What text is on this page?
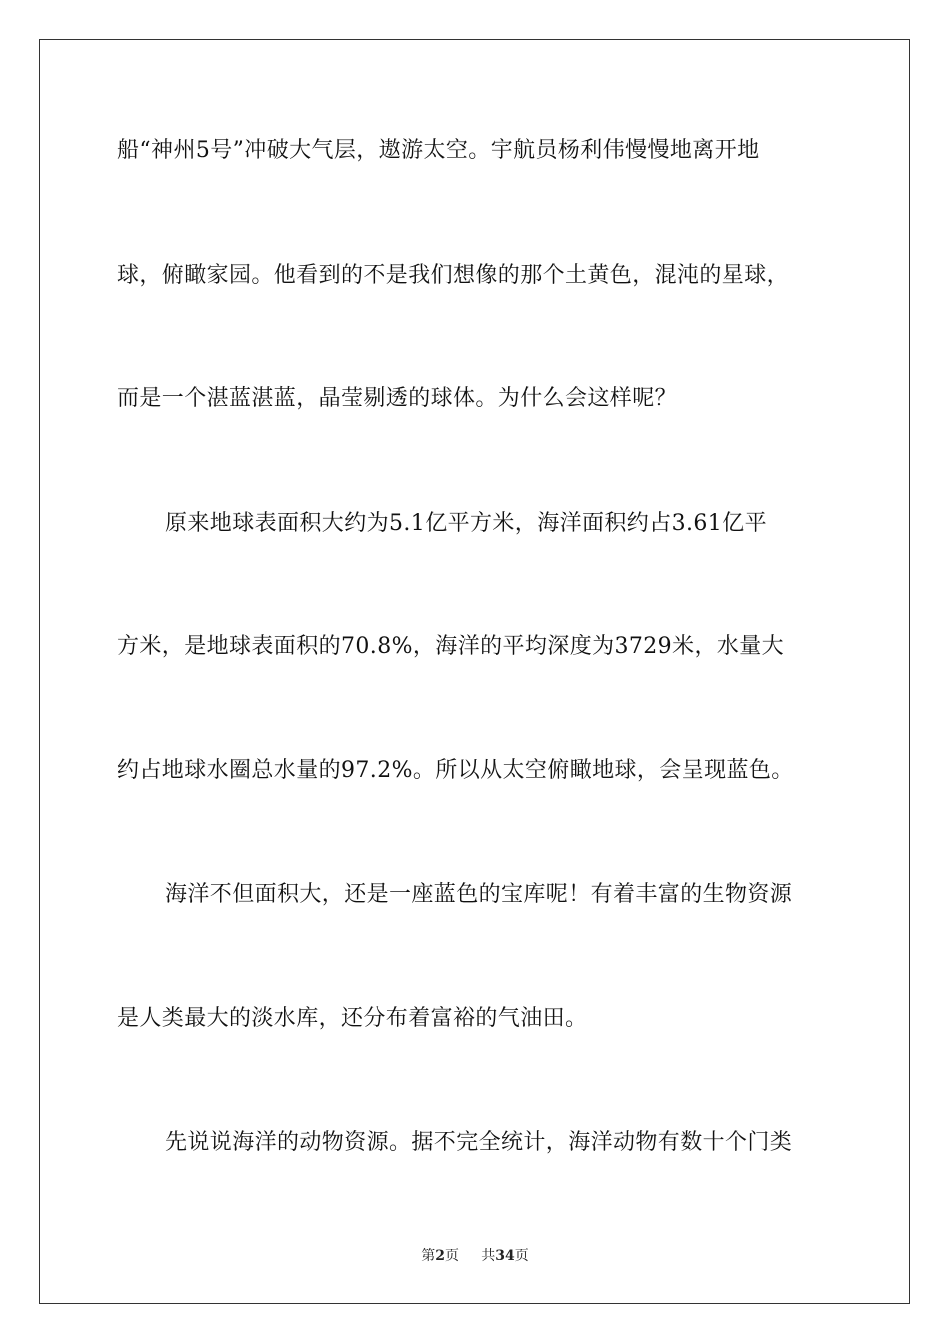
船“神州5号”冲破大气层，遨游太空。宇航员杨利伟慢慢地离开地
球，俯瞰家园。他看到的不是我们想像的那个土黄色，混沌的星球，
而是一个湛蓝湛蓝，晶莹剔透的球体。为什么会这样呢？
原来地球表面积大约为5.1亿平方米，海洋面积约占3.61亿平
方米，是地球表面积的70.8%，海洋的平均深度为3729米，水量大
约占地球水圈总水量的97.2%。所以从太空俯瞰地球，会呈现蓝色。
海洋不但面积大，还是一座蓝色的宝库呢！有着丰富的生物资源
是人类最大的淡水库，还分布着富裕的气油田。
先说说海洋的动物资源。据不完全统计，海洋动物有数十个门类
第2页 共34页
